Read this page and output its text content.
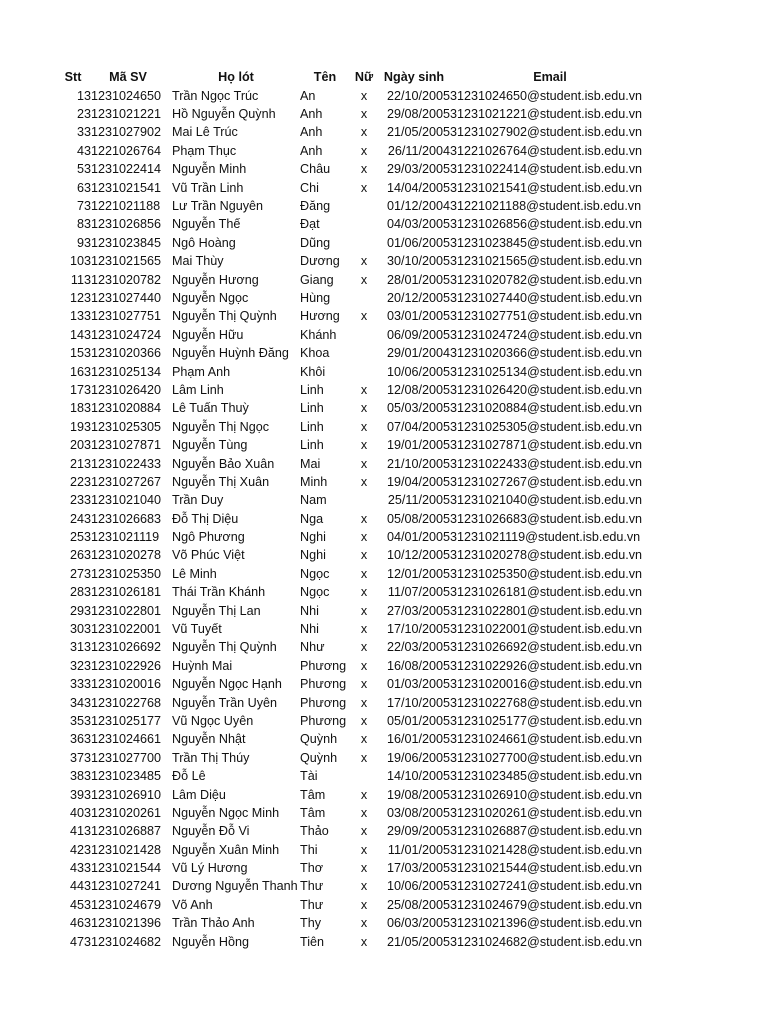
Stt	Mã SV	Họ lót	Tên	Nữ	Ngày sinh	Email
1	31231024650	Trần Ngọc Trúc	An	x	22/10/2005	31231024650@student.isb.edu.vn
2	31231021221	Hồ Nguyễn Quỳnh	Anh	x	29/08/2005	31231021221@student.isb.edu.vn
3	31231027902	Mai Lê Trúc	Anh	x	21/05/2005	31231027902@student.isb.edu.vn
4	31221026764	Phạm Thục	Anh	x	26/11/2004	31221026764@student.isb.edu.vn
5	31231022414	Nguyễn Minh	Châu	x	29/03/2005	31231022414@student.isb.edu.vn
6	31231021541	Vũ Trần Linh	Chi	x	14/04/2005	31231021541@student.isb.edu.vn
7	31221021188	Lư Trần Nguyên	Đăng		01/12/2004	31221021188@student.isb.edu.vn
8	31231026856	Nguyễn Thế	Đạt		04/03/2005	31231026856@student.isb.edu.vn
9	31231023845	Ngô Hoàng	Dũng		01/06/2005	31231023845@student.isb.edu.vn
10	31231021565	Mai Thùy	Dương	x	30/10/2005	31231021565@student.isb.edu.vn
11	31231020782	Nguyễn Hương	Giang	x	28/01/2005	31231020782@student.isb.edu.vn
12	31231027440	Nguyễn Ngọc	Hùng		20/12/2005	31231027440@student.isb.edu.vn
13	31231027751	Nguyễn Thị Quỳnh	Hương	x	03/01/2005	31231027751@student.isb.edu.vn
14	31231024724	Nguyễn Hữu	Khánh		06/09/2005	31231024724@student.isb.edu.vn
15	31231020366	Nguyễn Huỳnh Đăng	Khoa		29/01/2004	31231020366@student.isb.edu.vn
16	31231025134	Phạm Anh	Khôi		10/06/2005	31231025134@student.isb.edu.vn
17	31231026420	Lâm Linh	Linh	x	12/08/2005	31231026420@student.isb.edu.vn
18	31231020884	Lê Tuấn Thuỳ	Linh	x	05/03/2005	31231020884@student.isb.edu.vn
19	31231025305	Nguyễn Thị Ngọc	Linh	x	07/04/2005	31231025305@student.isb.edu.vn
20	31231027871	Nguyễn Tùng	Linh	x	19/01/2005	31231027871@student.isb.edu.vn
21	31231022433	Nguyễn Bảo Xuân	Mai	x	21/10/2005	31231022433@student.isb.edu.vn
22	31231027267	Nguyễn Thị Xuân	Minh	x	19/04/2005	31231027267@student.isb.edu.vn
23	31231021040	Trần Duy	Nam		25/11/2005	31231021040@student.isb.edu.vn
24	31231026683	Đỗ Thị Diệu	Nga	x	05/08/2005	31231026683@student.isb.edu.vn
25	31231021119	Ngô Phương	Nghi	x	04/01/2005	31231021119@student.isb.edu.vn
26	31231020278	Võ Phúc Việt	Nghi	x	10/12/2005	31231020278@student.isb.edu.vn
27	31231025350	Lê Minh	Ngọc	x	12/01/2005	31231025350@student.isb.edu.vn
28	31231026181	Thái Trần Khánh	Ngọc	x	11/07/2005	31231026181@student.isb.edu.vn
29	31231022801	Nguyễn Thị Lan	Nhi	x	27/03/2005	31231022801@student.isb.edu.vn
30	31231022001	Vũ Tuyết	Nhi	x	17/10/2005	31231022001@student.isb.edu.vn
31	31231026692	Nguyễn Thị Quỳnh	Như	x	22/03/2005	31231026692@student.isb.edu.vn
32	31231022926	Huỳnh Mai	Phương	x	16/08/2005	31231022926@student.isb.edu.vn
33	31231020016	Nguyễn Ngọc Hạnh	Phương	x	01/03/2005	31231020016@student.isb.edu.vn
34	31231022768	Nguyễn Trần Uyên	Phương	x	17/10/2005	31231022768@student.isb.edu.vn
35	31231025177	Vũ Ngọc Uyên	Phương	x	05/01/2005	31231025177@student.isb.edu.vn
36	31231024661	Nguyễn Nhật	Quỳnh	x	16/01/2005	31231024661@student.isb.edu.vn
37	31231027700	Trần Thị Thúy	Quỳnh	x	19/06/2005	31231027700@student.isb.edu.vn
38	31231023485	Đỗ Lê	Tài		14/10/2005	31231023485@student.isb.edu.vn
39	31231026910	Lâm Diệu	Tâm	x	19/08/2005	31231026910@student.isb.edu.vn
40	31231020261	Nguyễn Ngọc Minh	Tâm	x	03/08/2005	31231020261@student.isb.edu.vn
41	31231026887	Nguyễn Đỗ Vi	Thảo	x	29/09/2005	31231026887@student.isb.edu.vn
42	31231021428	Nguyễn Xuân Minh	Thi	x	11/01/2005	31231021428@student.isb.edu.vn
43	31231021544	Vũ Lý Hương	Thơ	x	17/03/2005	31231021544@student.isb.edu.vn
44	31231027241	Dương Nguyễn Thanh	Thư	x	10/06/2005	31231027241@student.isb.edu.vn
45	31231024679	Võ Anh	Thư	x	25/08/2005	31231024679@student.isb.edu.vn
46	31231021396	Trần Thảo Anh	Thy	x	06/03/2005	31231021396@student.isb.edu.vn
47	31231024682	Nguyễn Hồng	Tiên	x	21/05/2005	31231024682@student.isb.edu.vn
